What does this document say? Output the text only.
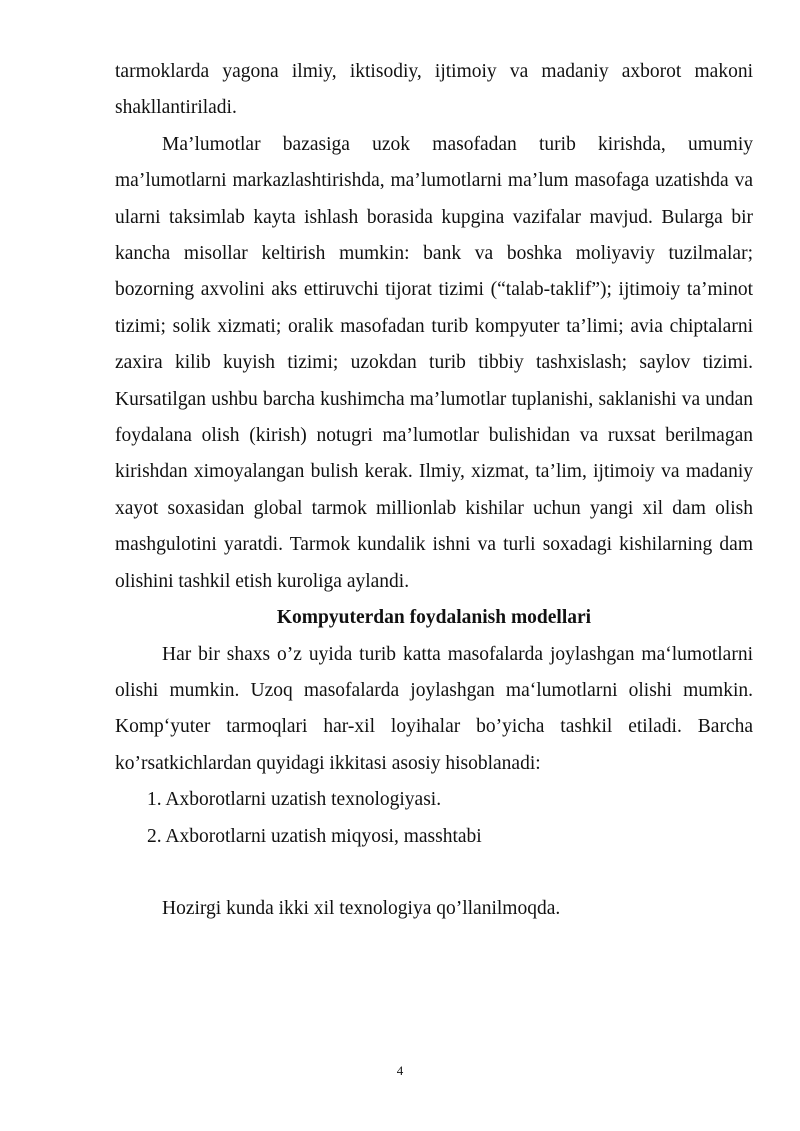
tarmoklarda yagona ilmiy, iktisodiy, ijtimoiy va madaniy axborot makoni shakllantiriladi.

Ma’lumotlar bazasiga uzok masofadan turib kirishda, umumiy ma’lumotlarni markazlashtirishda, ma’lumotlarni ma’lum masofaga uzatishda va ularni taksimlab kayta ishlash borasida kupgina vazifalar mavjud. Bularga bir kancha misollar keltirish mumkin: bank va boshka moliyaviy tuzilmalar; bozorning axvolini aks ettiruvchi tijorat tizimi (“talab-taklif”); ijtimoiy ta’minot tizimi; solik xizmati; oralik masofadan turib kompyuter ta’limi; avia chiptalarni zaxira kilib kuyish tizimi; uzokdan turib tibbiy tashxislash; saylov tizimi. Kursatilgan ushbu barcha kushimcha ma’lumotlar tuplanishi, saklanishi va undan foydalana olish (kirish) notugri ma’lumotlar bulishidan va ruxsat berilmagan kirishdan ximoyalangan bulish kerak. Ilmiy, xizmat, ta’lim, ijtimoiy va madaniy xayot soxasidan global tarmok millionlab kishilar uchun yangi xil dam olish mashgulotini yaratdi. Tarmok kundalik ishni va turli soxadagi kishilarning dam olishini tashkil etish kuroliga aylandi.

Kompyuterdan foydalanish modellari

Har bir shaxs o’z uyida turib katta masofalarda joylashgan ma‘lumotlarni olishi mumkin. Uzoq masofalarda joylashgan ma‘lumotlarni olishi mumkin. Komp‘yuter tarmoqlari har-xil loyihalar bo’yicha tashkil etiladi. Barcha ko’rsatkichlardan quyidagi ikkitasi asosiy hisoblanadi:

1. Axborotlarni uzatish texnologiyasi.
2. Axborotlarni uzatish miqyosi, masshtabi

Hozirgi kunda ikki xil texnologiya qo’llanilmoqda.

4
